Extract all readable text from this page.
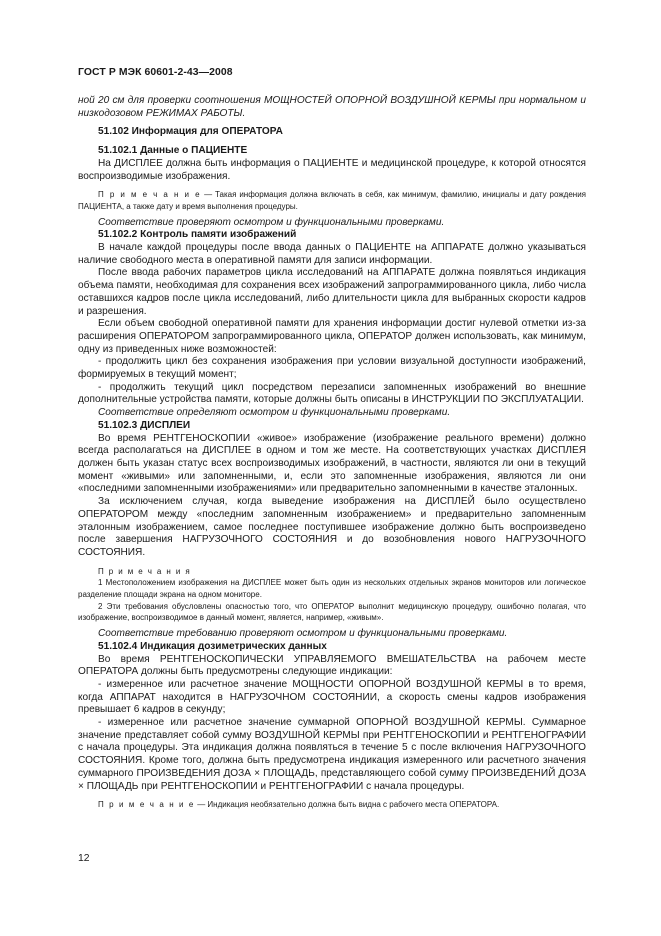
ГОСТ Р МЭК 60601-2-43—2008

ной 20 см для проверки соотношения МОЩНОСТЕЙ ОПОРНОЙ ВОЗДУШНОЙ КЕРМЫ при нормальном и низкодозовом РЕЖИМАХ РАБОТЫ.

51.102 Информация для ОПЕРАТОРА

51.102.1 Данные о ПАЦИЕНТЕ

На ДИСПЛЕЕ должна быть информация о ПАЦИЕНТЕ и медицинской процедуре, к которой относятся воспроизводимые изображения.

П р и м е ч а н и е — Такая информация должна включать в себя, как минимум, фамилию, инициалы и дату рождения ПАЦИЕНТА, а также дату и время выполнения процедуры.

Соответствие проверяют осмотром и функциональными проверками.

51.102.2 Контроль памяти изображений

В начале каждой процедуры после ввода данных о ПАЦИЕНТЕ на АППАРАТЕ должно указываться наличие свободного места в оперативной памяти для записи информации.

После ввода рабочих параметров цикла исследований на АППАРАТЕ должна появляться индикация объема памяти, необходимая для сохранения всех изображений запрограммированного цикла, либо числа оставшихся кадров после цикла исследований, либо длительности цикла для выбранных скорости кадров и разрешения.

Если объем свободной оперативной памяти для хранения информации достиг нулевой отметки из-за расширения ОПЕРАТОРОМ запрограммированного цикла, ОПЕРАТОР должен использовать, как минимум, одну из приведенных ниже возможностей:

- продолжить цикл без сохранения изображения при условии визуальной доступности изображений, формируемых в текущий момент;

- продолжить текущий цикл посредством перезаписи запомненных изображений во внешние дополнительные устройства памяти, которые должны быть описаны в ИНСТРУКЦИИ ПО ЭКСПЛУАТАЦИИ.

Соответствие определяют осмотром и функциональными проверками.

51.102.3 ДИСПЛЕИ

Во время РЕНТГЕНОСКОПИИ «живое» изображение (изображение реального времени) должно всегда располагаться на ДИСПЛЕЕ в одном и том же месте. На соответствующих участках ДИСПЛЕЯ должен быть указан статус всех воспроизводимых изображений, в частности, являются ли они в текущий момент «живыми» или запомненными, и, если это запомненные изображения, являются ли они «последними запомненными изображениями» или предварительно запомненными в качестве эталонных.

За исключением случая, когда выведение изображения на ДИСПЛЕЙ было осуществлено ОПЕРАТОРОМ между «последним запомненным изображением» и предварительно запомненным эталонным изображением, самое последнее поступившее изображение должно быть воспроизведено после завершения НАГРУЗОЧНОГО СОСТОЯНИЯ и до возобновления нового НАГРУЗОЧНОГО СОСТОЯНИЯ.

П р и м е ч а н и я

1 Местоположением изображения на ДИСПЛЕЕ может быть один из нескольких отдельных экранов мониторов или логическое разделение площади экрана на одном мониторе.

2 Эти требования обусловлены опасностью того, что ОПЕРАТОР выполнит медицинскую процедуру, ошибочно полагая, что изображение, воспроизводимое в данный момент, является, например, «живым».

Соответствие требованию проверяют осмотром и функциональными проверками.

51.102.4 Индикация дозиметрических данных

Во время РЕНТГЕНОСКОПИЧЕСКИ УПРАВЛЯЕМОГО ВМЕШАТЕЛЬСТВА на рабочем месте ОПЕРАТОРА должны быть предусмотрены следующие индикации:

- измеренное или расчетное значение МОЩНОСТИ ОПОРНОЙ ВОЗДУШНОЙ КЕРМЫ в то время, когда АППАРАТ находится в НАГРУЗОЧНОМ СОСТОЯНИИ, а скорость смены кадров изображения превышает 6 кадров в секунду;

- измеренное или расчетное значение суммарной ОПОРНОЙ ВОЗДУШНОЙ КЕРМЫ. Суммарное значение представляет собой сумму ВОЗДУШНОЙ КЕРМЫ при РЕНТГЕНОСКОПИИ и РЕНТГЕНОГРАФИИ с начала процедуры. Эта индикация должна появляться в течение 5 с после включения НАГРУЗОЧНОГО СОСТОЯНИЯ. Кроме того, должна быть предусмотрена индикация измеренного или расчетного значения суммарного ПРОИЗВЕДЕНИЯ ДОЗА × ПЛОЩАДЬ, представляющего собой сумму ПРОИЗВЕДЕНИЙ ДОЗА × ПЛОЩАДЬ при РЕНТГЕНОСКОПИИ и РЕНТГЕНОГРАФИИ с начала процедуры.

П р и м е ч а н и е — Индикация необязательно должна быть видна с рабочего места ОПЕРАТОРА.

12
